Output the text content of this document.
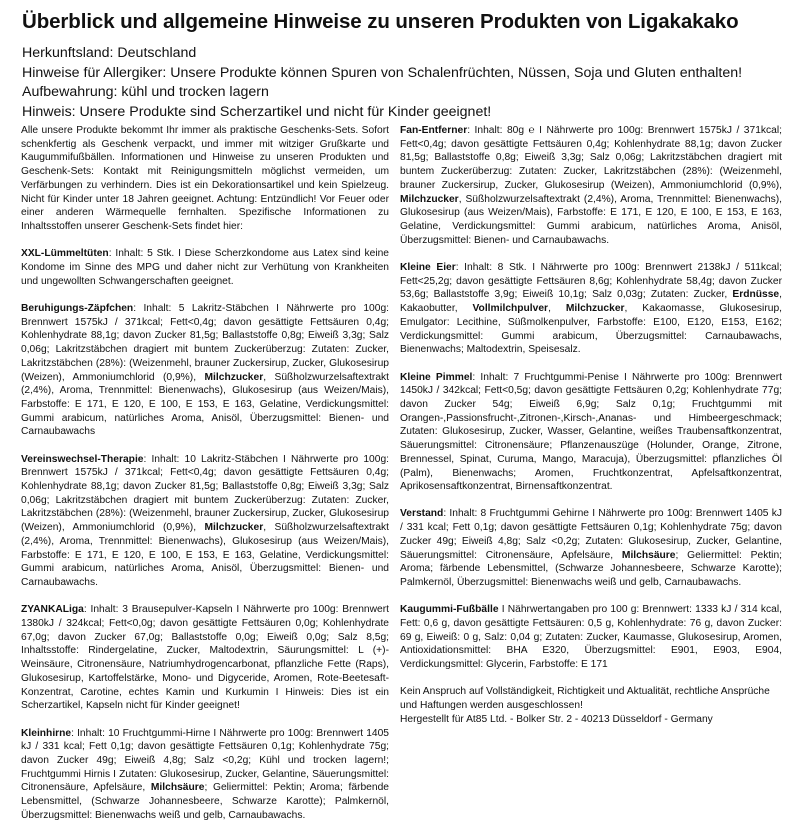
Überblick und allgemeine Hinweise zu unseren Produkten von Ligakakako
Herkunftsland: Deutschland
Hinweise für Allergiker: Unsere Produkte können Spuren von Schalenfrüchten, Nüssen, Soja und Gluten enthalten!
Aufbewahrung: kühl und trocken lagern
Hinweis: Unsere Produkte sind Scherzartikel und nicht für Kinder geeignet!

Alle unsere Produkte bekommt Ihr immer als praktische Geschenks-Sets. Sofort schenkfertig als Geschenk verpackt, und immer mit witziger Grußkarte und Kaugummifußbällen. Informationen und Hinweise zu unseren Produkten und Geschenk-Sets: Kontakt mit Reinigungsmitteln möglichst vermeiden, um Verfärbungen zu verhindern. Dies ist ein Dekorationsartikel und kein Spielzeug. Nicht für Kinder unter 18 Jahren geeignet. Achtung: Entzündlich! Vor Feuer oder einer anderen Wärmequelle fernhalten. Spezifische Informationen zu Inhaltsstoffen unserer Geschenk-Sets findet hier:

XXL-Lümmeltüten: Inhalt: 5 Stk. I Diese Scherzkondome aus Latex sind keine Kondome im Sinne des MPG und daher nicht zur Verhütung von Krankheiten und ungewollten Schwangerschaften geeignet.

Beruhigungs-Zäpfchen: Inhalt: 5 Lakritz-Stäbchen I Nährwerte pro 100g: Brennwert 1575kJ / 371kcal; Fett<0,4g; davon gesättigte Fettsäuren 0,4g; Kohlenhydrate 88,1g; davon Zucker 81,5g; Ballaststoffe 0,8g; Eiweiß 3,3g; Salz 0,06g; Lakritzstäbchen dragiert mit buntem Zuckerüberzug: Zutaten: Zucker, Lakritzstäbchen (28%): (Weizenmehl, brauner Zuckersirup, Zucker, Glukosesirup (Weizen), Ammoniumchlorid (0,9%), Milchzucker, Süßholzwurzelsaftextrakt (2,4%), Aroma, Trennmittel: Bienenwachs), Glukosesirup (aus Weizen/Mais), Farbstoffe: E 171, E 120, E 100, E 153, E 163, Gelatine, Verdickungsmittel: Gummi arabicum, natürliches Aroma, Anisöl, Überzugsmittel: Bienen- und Carnaubawachs

Vereinswechsel-Therapie: Inhalt: 10 Lakritz-Stäbchen I Nährwerte pro 100g: Brennwert 1575kJ / 371kcal; Fett<0,4g; davon gesättigte Fettsäuren 0,4g; Kohlenhydrate 88,1g; davon Zucker 81,5g; Ballaststoffe 0,8g; Eiweiß 3,3g; Salz 0,06g; Lakritzstäbchen dragiert mit buntem Zuckerüberzug: Zutaten: Zucker, Lakritzstäbchen (28%): (Weizenmehl, brauner Zuckersirup, Zucker, Glukosesirup (Weizen), Ammoniumchlorid (0,9%), Milchzucker, Süßholzwurzelsaftextrakt (2,4%), Aroma, Trennmittel: Bienenwachs), Glukosesirup (aus Weizen/Mais), Farbstoffe: E 171, E 120, E 100, E 153, E 163, Gelatine, Verdickungsmittel: Gummi arabicum, natürliches Aroma, Anisöl, Überzugsmittel: Bienen- und Carnaubawachs.

ZYANKALiga: Inhalt: 3 Brausepulver-Kapseln I Nährwerte pro 100g: Brennwert 1380kJ / 324kcal; Fett<0,0g; davon gesättigte Fettsäuren 0,0g; Kohlenhydrate 67,0g; davon Zucker 67,0g; Ballaststoffe 0,0g; Eiweiß 0,0g; Salz 8,5g; Inhaltsstoffe: Rindergelatine, Zucker, Maltodextrin, Säurungsmittel: L (+)- Weinsäure, Citronensäure, Natriumhydrogencarbonat, pflanzliche Fette (Raps), Glukosesirup, Kartoffelstärke, Mono- und Digyceride, Aromen, Rote-Beetesaft- Konzentrat, Carotine, echtes Kamin und Kurkumin I Hinweis: Dies ist ein Scherzartikel, Kapseln nicht für Kinder geeignet!

Kleinhirne: Inhalt: 10 Fruchtgummi-Hirne I Nährwerte pro 100g: Brennwert 1405 kJ / 331 kcal; Fett 0,1g; davon gesättigte Fettsäuren 0,1g; Kohlenhydrate 75g; davon Zucker 49g; Eiweiß 4,8g; Salz <0,2g; Kühl und trocken lagern!; Fruchtgummi Hirnis I Zutaten: Glukosesirup, Zucker, Gelantine, Säuerungsmittel: Citronensäure, Apfelsäure, Milchsäure; Geliermittel: Pektin; Aroma; färbende Lebensmittel, (Schwarze Johannesbeere, Schwarze Karotte); Palmkernöl, Überzugsmittel: Bienenwachs weiß und gelb, Carnaubawachs.

Fan-Entferner: Inhalt: 80g ℮ I Nährwerte pro 100g: Brennwert 1575kJ / 371kcal; Fett<0,4g; davon gesättigte Fettsäuren 0,4g; Kohlenhydrate 88,1g; davon Zucker 81,5g; Ballaststoffe 0,8g; Eiweiß 3,3g; Salz 0,06g; Lakritzstäbchen dragiert mit buntem Zuckerüberzug: Zutaten: Zucker, Lakritzstäbchen (28%): (Weizenmehl, brauner Zuckersirup, Zucker, Glukosesirup (Weizen), Ammoniumchlorid (0,9%), Milchzucker, Süßholzwurzelsaftextrakt (2,4%), Aroma, Trennmittel: Bienenwachs), Glukosesirup (aus Weizen/Mais), Farbstoffe: E 171, E 120, E 100, E 153, E 163, Gelatine, Verdickungsmittel: Gummi arabicum, natürliches Aroma, Anisöl, Überzugsmittel: Bienen- und Carnaubawachs.

Kleine Eier: Inhalt: 8 Stk. I Nährwerte pro 100g: Brennwert 2138kJ / 511kcal; Fett<25,2g; davon gesättigte Fettsäuren 8,6g; Kohlenhydrate 58,4g; davon Zucker 53,6g; Ballaststoffe 3,9g; Eiweiß 10,1g; Salz 0,03g; Zutaten: Zucker, Erdnüsse, Kakaobutter, Vollmilchpulver, Milchzucker, Kakaomasse, Glukosesirup, Emulgator: Lecithine, Süßmolkenpulver, Farbstoffe: E100, E120, E153, E162; Verdickungsmittel: Gummi arabicum, Überzugsmittel: Carnaubawachs, Bienenwachs; Maltodextrin, Speisesalz.

Kleine Pimmel: Inhalt: 7 Fruchtgummi-Penise I Nährwerte pro 100g: Brennwert 1450kJ / 342kcal; Fett<0,5g; davon gesättigte Fettsäuren 0,2g; Kohlenhydrate 77g; davon Zucker 54g; Eiweiß 6,9g; Salz 0,1g; Fruchtgummi mit Orangen-,Passionsfrucht-,Zitronen-,Kirsch-,Ananas- und Himbeergeschmack; Zutaten: Glukosesirup, Zucker, Wasser, Gelantine, weißes Traubensaftkonzentrat, Säuerungsmittel: Citronensäure; Pflanzenauszüge (Holunder, Orange, Zitrone, Brennessel, Spinat, Curuma, Mango, Maracuja), Überzugsmittel: pflanzliches Öl (Palm), Bienenwachs; Aromen, Fruchtkonzentrat, Apfelsaftkonzentrat, Aprikosensaftkonzentrat, Birnensaftkonzentrat.

Verstand: Inhalt: 8 Fruchtgummi Gehirne I Nährwerte pro 100g: Brennwert 1405 kJ / 331 kcal; Fett 0,1g; davon gesättigte Fettsäuren 0,1g; Kohlenhydrate 75g; davon Zucker 49g; Eiweiß 4,8g; Salz <0,2g; Zutaten: Glukosesirup, Zucker, Gelantine, Säuerungsmittel: Citronensäure, Apfelsäure, Milchsäure; Geliermittel: Pektin; Aroma; färbende Lebensmittel, (Schwarze Johannesbeere, Schwarze Karotte); Palmkernöl, Überzugsmittel: Bienenwachs weiß und gelb, Carnaubawachs.

Kaugummi-Fußbälle I Nährwertangaben pro 100 g: Brennwert: 1333 kJ / 314 kcal, Fett: 0,6 g, davon gesättigte Fettsäuren: 0,5 g, Kohlenhydrate: 76 g, davon Zucker: 69 g, Eiweiß: 0 g, Salz: 0,04 g; Zutaten: Zucker, Kaumasse, Glukosesirup, Aromen, Antioxidationsmittel: BHA E320, Überzugsmittel: E901, E903, E904, Verdickungsmittel: Glycerin, Farbstoffe: E 171

Kein Anspruch auf Vollständigkeit, Richtigkeit und Aktualität, rechtliche Ansprüche und Haftungen werden ausgeschlossen!

Hergestellt für At85 Ltd. - Bolker Str. 2 - 40213 Düsseldorf - Germany
